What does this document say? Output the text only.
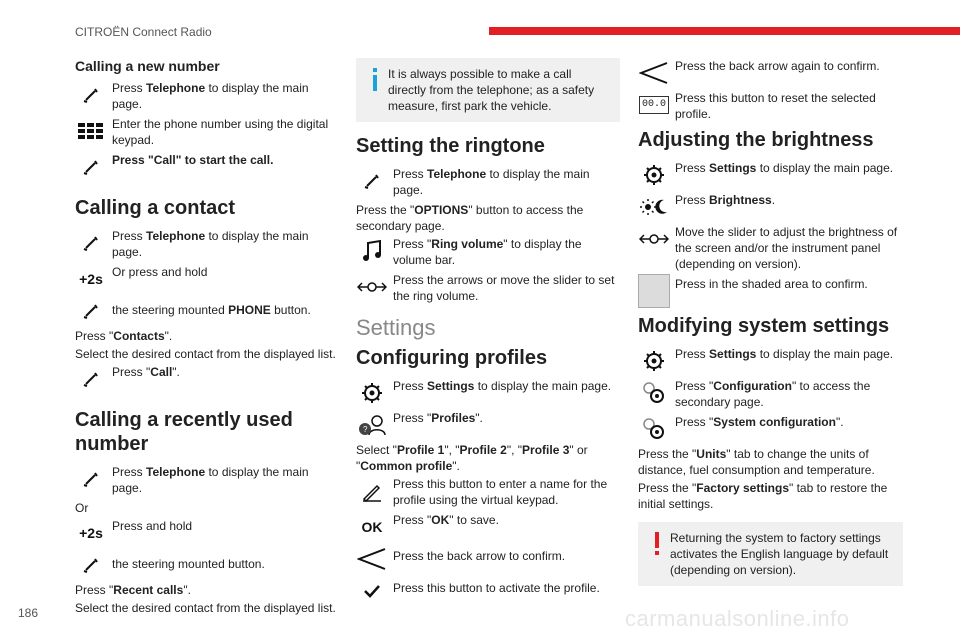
CITROËN Connect Radio
186	carmanualsonline.info
Calling a new number
Press Telephone to display the main page.
Enter the phone number using the digital keypad.
Press "Call" to start the call.
Calling a contact
Press Telephone to display the main page.
+2s Or press and hold
the steering mounted PHONE button.
Press "Contacts".
Select the desired contact from the displayed list.
Press "Call".
Calling a recently used number
Press Telephone to display the main page.
Or
+2s Press and hold
the steering mounted button.
Press "Recent calls".
Select the desired contact from the displayed list.
It is always possible to make a call directly from the telephone; as a safety measure, first park the vehicle.
Setting the ringtone
Press Telephone to display the main page.
Press the "OPTIONS" button to access the secondary page.
Press "Ring volume" to display the volume bar.
Press the arrows or move the slider to set the ring volume.
Settings
Configuring profiles
Press Settings to display the main page.
?
Press "Profiles".
Select "Profile 1", "Profile 2", "Profile 3" or "Common profile".
Press this button to enter a name for the profile using the virtual keypad.
OK Press "OK" to save.
Press the back arrow to confirm.
Press this button to activate the profile.
Press the back arrow again to confirm.
00.0 Press this button to reset the selected profile.
Adjusting the brightness
Press Settings to display the main page.
Press Brightness.
Move the slider to adjust the brightness of the screen and/or the instrument panel (depending on version).
Press in the shaded area to confirm.
Modifying system settings
Press Settings to display the main page.
Press "Configuration" to access the secondary page.
Press "System configuration".
Press the "Units" tab to change the units of distance, fuel consumption and temperature.
Press the "Factory settings" tab to restore the initial settings.
Returning the system to factory settings activates the English language by default (depending on version).
